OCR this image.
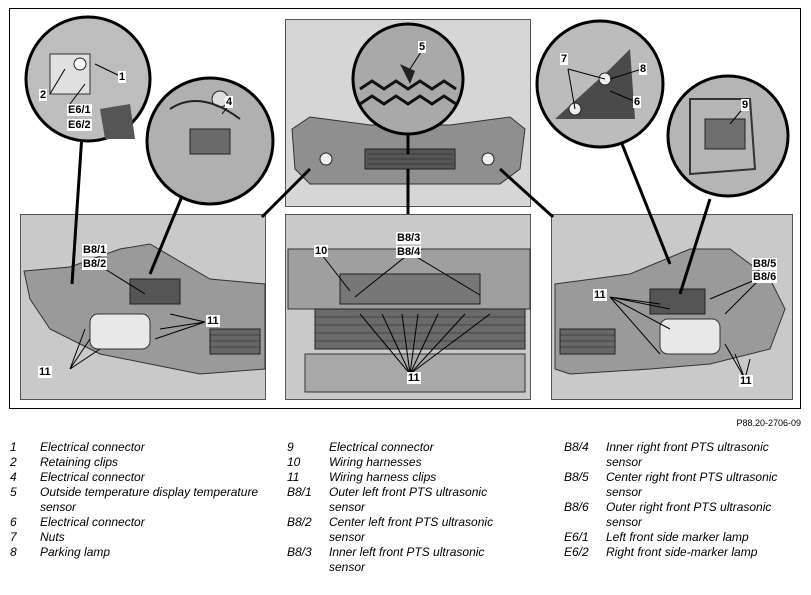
1
2
E6/1
E6/2
4
5
7
8
6	9
B8/1
B8/2
11
11
10
B8/3
B8/4
11
B8/5
B8/6
11
11
P88.20-2706-09
1	Electrical connector
2	Retaining clips
4	Electrical connector
5	Outside temperature display temperature sensor
6	Electrical connector
7	Nuts
8	Parking lamp
9	Electrical connector
10	Wiring harnesses
11	Wiring harness clips
B8/1	Outer left front PTS ultrasonic sensor
B8/2	Center left front PTS ultrasonic sensor
B8/3	Inner left front PTS ultrasonic sensor
B8/4	Inner right front PTS ultrasonic sensor
B8/5	Center right front PTS ultrasonic sensor
B8/6	Outer right front PTS ultrasonic sensor
E6/1	Left front side marker lamp
E6/2	Right front side-marker lamp
